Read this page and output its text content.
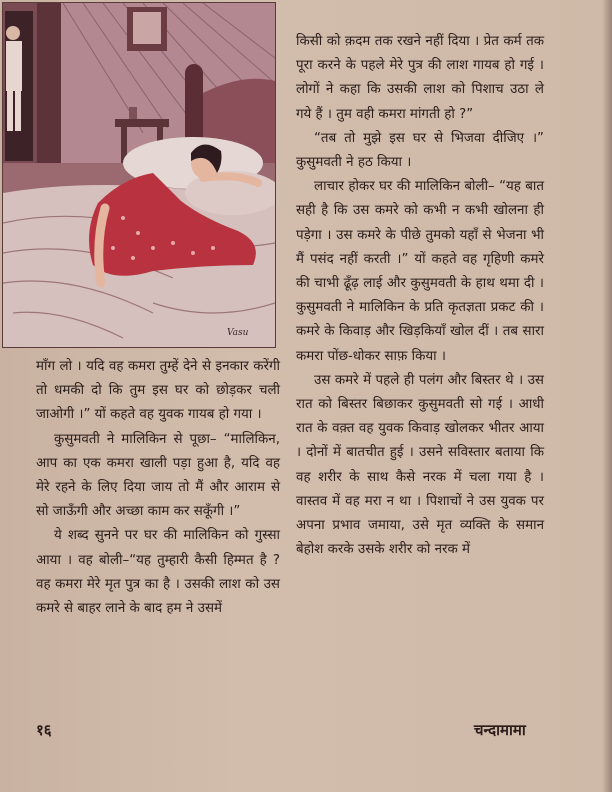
Vasu

किसी को क़दम तक रखने नहीं दिया । प्रेत कर्म तक पूरा करने के पहले मेरे पुत्र की लाश गायब हो गई । लोगों ने कहा कि उसकी लाश को पिशाच उठा ले गये हैं । तुम वही कमरा मांगती हो ?”

“तब तो मुझे इस घर से भिजवा दीजिए ।” कुसुमवती ने हठ किया ।

लाचार होकर घर की मालिकिन बोली– “यह बात सही है कि उस कमरे को कभी न कभी खोलना ही पड़ेगा । उस कमरे के पीछे तुमको यहाँ से भेजना भी मैं पसंद नहीं करती ।” यों कहते वह गृहिणी कमरे की चाभी ढूँढ़ लाई और कुसुमवती के हाथ थमा दी । कुसुमवती ने मालिकिन के प्रति कृतज्ञता प्रकट की । कमरे के किवाड़ और खिड़कियाँ खोल दीं । तब सारा कमरा पोंछ-धोकर साफ़ किया ।

उस कमरे में पहले ही पलंग और बिस्तर थे । उस रात को बिस्तर बिछाकर कुसुमवती सो गई । आधी रात के वक़्त वह युवक किवाड़ खोलकर भीतर आया । दोनों में बातचीत हुई । उसने सविस्तार बताया कि वह शरीर के साथ कैसे नरक में चला गया है । वास्तव में वह मरा न था । पिशाचों ने उस युवक पर अपना प्रभाव जमाया, उसे मृत व्यक्ति के समान बेहोश करके उसके शरीर को नरक में

माँग लो । यदि वह कमरा तुम्हें देने से इनकार करेंगी तो धमकी दो कि तुम इस घर को छोड़कर चली जाओगी ।” यों कहते वह युवक गायब हो गया ।

कुसुमवती ने मालिकिन से पूछा– “मालिकिन, आप का एक कमरा खाली पड़ा हुआ है, यदि वह मेरे रहने के लिए दिया जाय तो मैं और आराम से सो जाऊँगी और अच्छा काम कर सकूँगी ।”

ये शब्द सुनने पर घर की मालिकिन को गुस्सा आया । वह बोली–“यह तुम्हारी कैसी हिम्मत है ? वह कमरा मेरे मृत पुत्र का है । उसकी लाश को उस कमरे से बाहर लाने के बाद हम ने उसमें

१६	चन्दामामा
